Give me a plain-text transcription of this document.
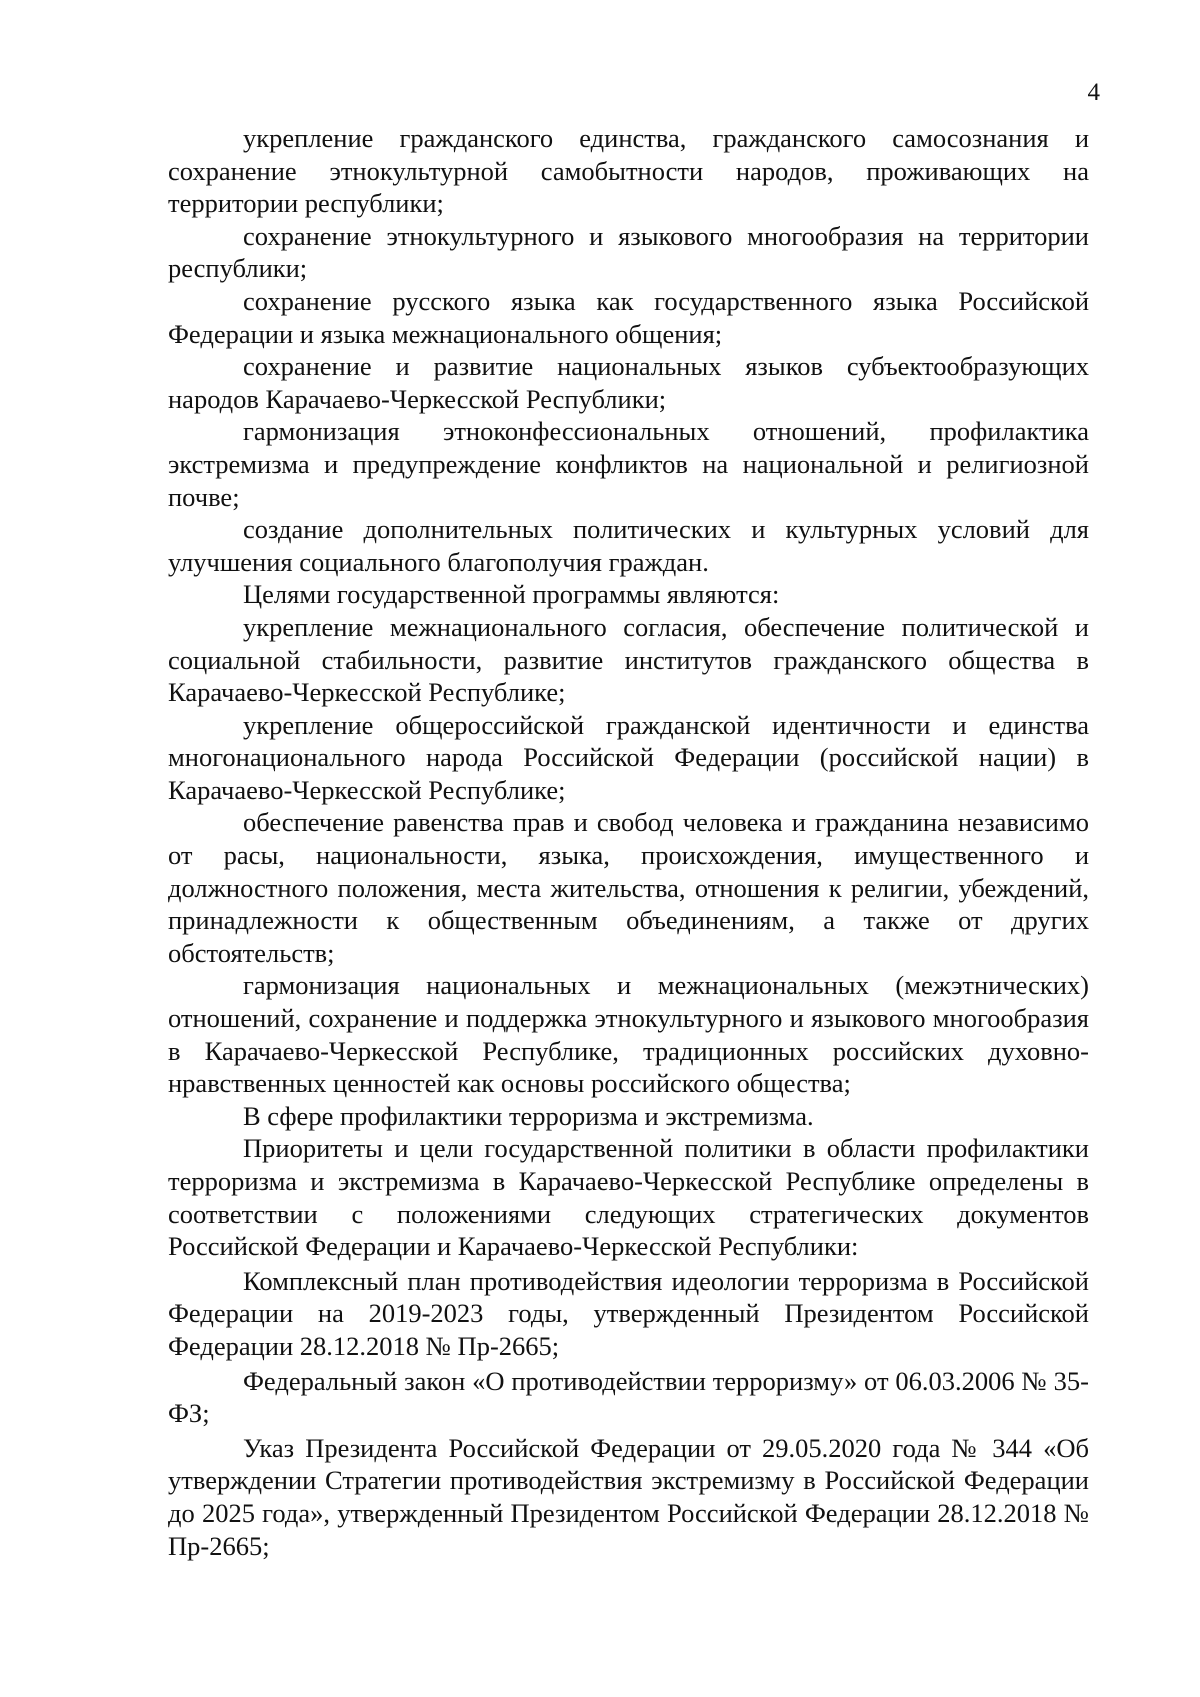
4

укрепление гражданского единства, гражданского самосознания и сохранение этнокультурной самобытности народов, проживающих на территории республики;

сохранение этнокультурного и языкового многообразия на территории республики;

сохранение русского языка как государственного языка Российской Федерации и языка межнационального общения;

сохранение и развитие национальных языков субъектообразующих народов Карачаево-Черкесской Республики;

гармонизация этноконфессиональных отношений, профилактика экстремизма и предупреждение конфликтов на национальной и религиозной почве;

создание дополнительных политических и культурных условий для улучшения социального благополучия граждан.

Целями государственной программы являются:

укрепление межнационального согласия, обеспечение политической и социальной стабильности, развитие институтов гражданского общества в Карачаево-Черкесской Республике;

укрепление общероссийской гражданской идентичности и единства многонационального народа Российской Федерации (российской нации) в Карачаево-Черкесской Республике;

обеспечение равенства прав и свобод человека и гражданина независимо от расы, национальности, языка, происхождения, имущественного и должностного положения, места жительства, отношения к религии, убеждений, принадлежности к общественным объединениям, а также от других обстоятельств;

гармонизация национальных и межнациональных (межэтнических) отношений, сохранение и поддержка этнокультурного и языкового многообразия в Карачаево-Черкесской Республике, традиционных российских духовно-нравственных ценностей как основы российского общества;

В сфере профилактики терроризма и экстремизма.

Приоритеты и цели государственной политики в области профилактики терроризма и экстремизма в Карачаево-Черкесской Республике определены в соответствии с положениями следующих стратегических документов Российской Федерации и Карачаево-Черкесской Республики:

Комплексный план противодействия идеологии терроризма в Российской Федерации на 2019-2023 годы, утвержденный Президентом Российской Федерации 28.12.2018 № Пр-2665;

Федеральный закон «О противодействии терроризму» от 06.03.2006 № 35-ФЗ;

Указ Президента Российской Федерации от 29.05.2020 года № 344 «Об утверждении Стратегии противодействия экстремизму в Российской Федерации до 2025 года», утвержденный Президентом Российской Федерации 28.12.2018 № Пр-2665;
